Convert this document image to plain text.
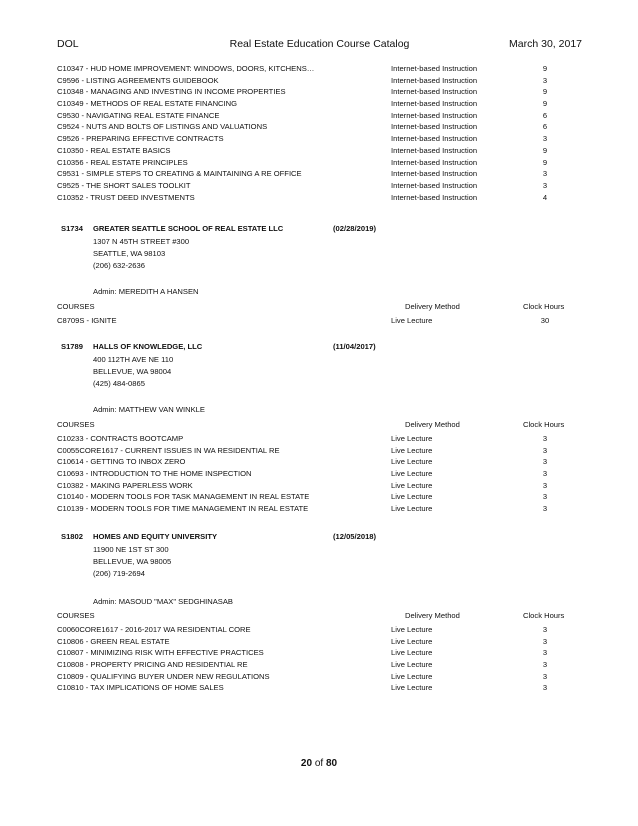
DOL	Real Estate Education Course Catalog	March 30, 2017
C10347 - HUD HOME IMPROVEMENT: WINDOWS, DOORS, KITCHENS…	Internet-based Instruction	9
C9596 - LISTING AGREEMENTS GUIDEBOOK	Internet-based Instruction	3
C10348 - MANAGING AND INVESTING IN INCOME PROPERTIES	Internet-based Instruction	9
C10349 - METHODS OF REAL ESTATE FINANCING	Internet-based Instruction	9
C9530 - NAVIGATING REAL ESTATE FINANCE	Internet-based Instruction	6
C9524 - NUTS AND BOLTS OF LISTINGS AND VALUATIONS	Internet-based Instruction	6
C9526 - PREPARING EFFECTIVE CONTRACTS	Internet-based Instruction	3
C10350 - REAL ESTATE BASICS	Internet-based Instruction	9
C10356 - REAL ESTATE PRINCIPLES	Internet-based Instruction	9
C9531 - SIMPLE STEPS TO CREATING & MAINTAINING A RE OFFICE	Internet-based Instruction	3
C9525 - THE SHORT SALES TOOLKIT	Internet-based Instruction	3
C10352 - TRUST DEED INVESTMENTS	Internet-based Instruction	4
S1734 GREATER SEATTLE SCHOOL OF REAL ESTATE LLC	(02/28/2019)
1307 N 45TH STREET #300
SEATTLE, WA 98103
(206) 632-2636
Admin: MEREDITH A HANSEN
COURSES	Delivery Method	Clock Hours
C8709S - IGNITE	Live Lecture	30
S1789 HALLS OF KNOWLEDGE, LLC	(11/04/2017)
400 112TH AVE NE 110
BELLEVUE, WA 98004
(425) 484-0865
Admin: MATTHEW VAN WINKLE
COURSES	Delivery Method	Clock Hours
C10233 - CONTRACTS BOOTCAMP	Live Lecture	3
C0055CORE1617 - CURRENT ISSUES IN WA RESIDENTIAL RE	Live Lecture	3
C10614 - GETTING TO INBOX ZERO	Live Lecture	3
C10693 - INTRODUCTION TO THE HOME INSPECTION	Live Lecture	3
C10382 - MAKING PAPERLESS WORK	Live Lecture	3
C10140 - MODERN TOOLS FOR TASK MANAGEMENT IN REAL ESTATE	Live Lecture	3
C10139 - MODERN TOOLS FOR TIME MANAGEMENT IN REAL ESTATE	Live Lecture	3
S1802 HOMES AND EQUITY UNIVERSITY	(12/05/2018)
11900 NE 1ST ST 300
BELLEVUE, WA 98005
(206) 719-2694
Admin: MASOUD "MAX" SEDGHINASAB
COURSES	Delivery Method	Clock Hours
C0060CORE1617 - 2016-2017 WA RESIDENTIAL CORE	Live Lecture	3
C10806 - GREEN REAL ESTATE	Live Lecture	3
C10807 - MINIMIZING RISK WITH EFFECTIVE PRACTICES	Live Lecture	3
C10808 - PROPERTY PRICING AND RESIDENTIAL RE	Live Lecture	3
C10809 - QUALIFYING BUYER UNDER NEW REGULATIONS	Live Lecture	3
C10810 - TAX IMPLICATIONS OF HOME SALES	Live Lecture	3
20 of 80
